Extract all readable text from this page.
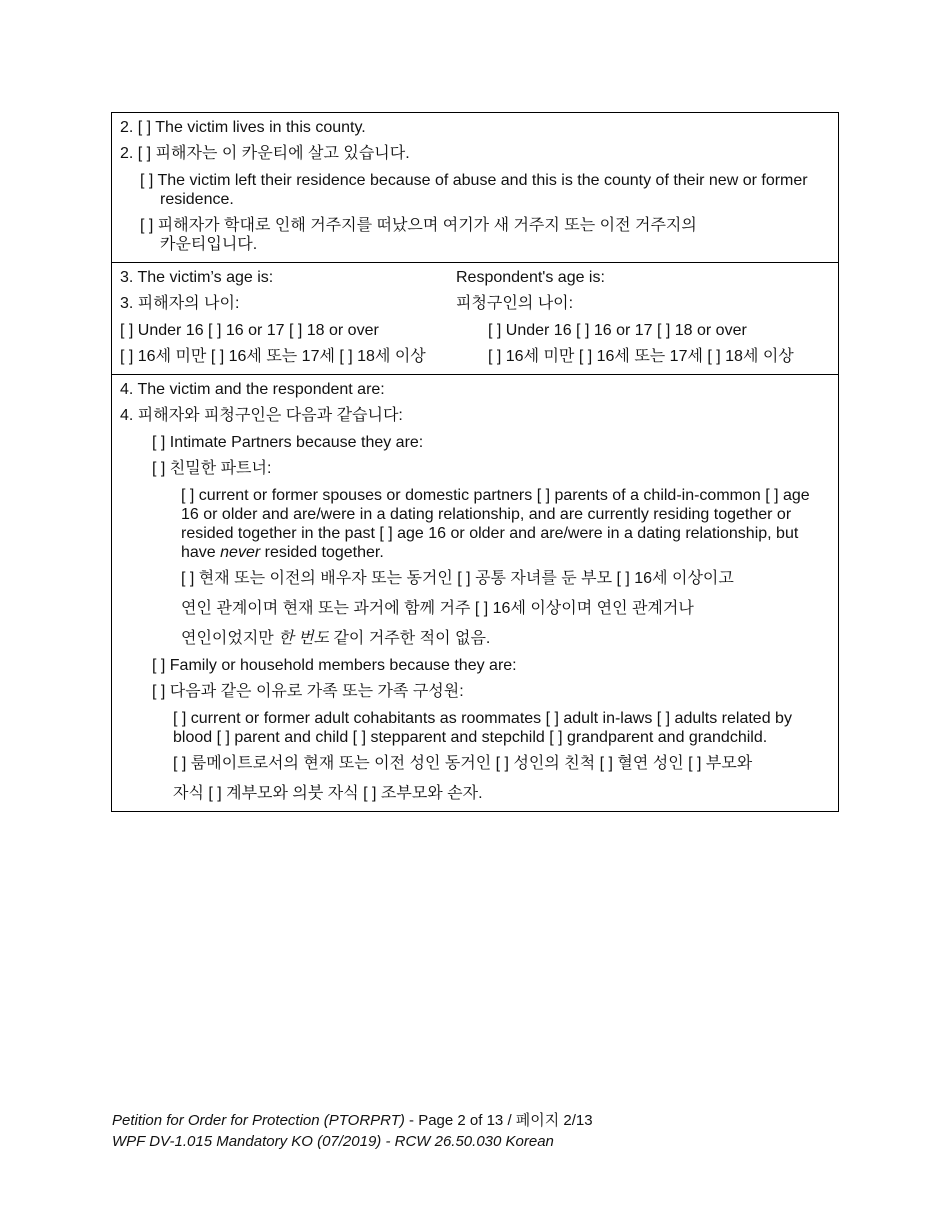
2. [ ] The victim lives in this county.
2. [ ] 피해자는 이 카운티에 살고 있습니다.
[ ] The victim left their residence because of abuse and this is the county of their new or former residence.
[ ] 피해자가 학대로 인해 거주지를 떠났으며 여기가 새 거주지 또는 이전 거주지의
카운티입니다.
3. The victim’s age is:	Respondent's age is:
3. 피해자의 나이:	피청구인의 나이:
[ ] Under 16 [ ] 16 or 17 [ ] 18 or over	[ ] Under 16 [ ] 16 or 17 [ ] 18 or over
[ ] 16세 미만 [ ] 16세 또는 17세 [ ] 18세 이상	[ ] 16세 미만 [ ] 16세 또는 17세 [ ] 18세 이상
4. The victim and the respondent are:
4. 피해자와 피청구인은 다음과 같습니다:
[ ] Intimate Partners because they are:
[ ] 친밀한 파트너:
[ ] current or former spouses or domestic partners [ ] parents of a child-in-common [ ] age 16 or older and are/were in a dating relationship, and are currently residing together or resided together in the past [ ] age 16 or older and are/were in a dating relationship, but have never resided together.
[ ] 현재 또는 이전의 배우자 또는 동거인 [ ] 공통 자녀를 둔 부모 [ ] 16세 이상이고
연인 관계이며 현재 또는 과거에 함께 거주 [ ] 16세 이상이며 연인 관계거나
연인이었지만 한 번도 같이 거주한 적이 없음.
[ ] Family or household members because they are:
[ ] 다음과 같은 이유로 가족 또는 가족 구성원:
[ ] current or former adult cohabitants as roommates [ ] adult in-laws [ ] adults related by blood [ ] parent and child [ ] stepparent and stepchild [ ] grandparent and grandchild.
[ ] 룸메이트로서의 현재 또는 이전 성인 동거인 [ ] 성인의 친척 [ ] 혈연 성인 [ ] 부모와
자식 [ ] 계부모와 의붓 자식 [ ] 조부모와 손자.
Petition for Order for Protection (PTORPRT) - Page 2 of 13 / 페이지 2/13
WPF DV-1.015 Mandatory KO (07/2019) - RCW 26.50.030 Korean
